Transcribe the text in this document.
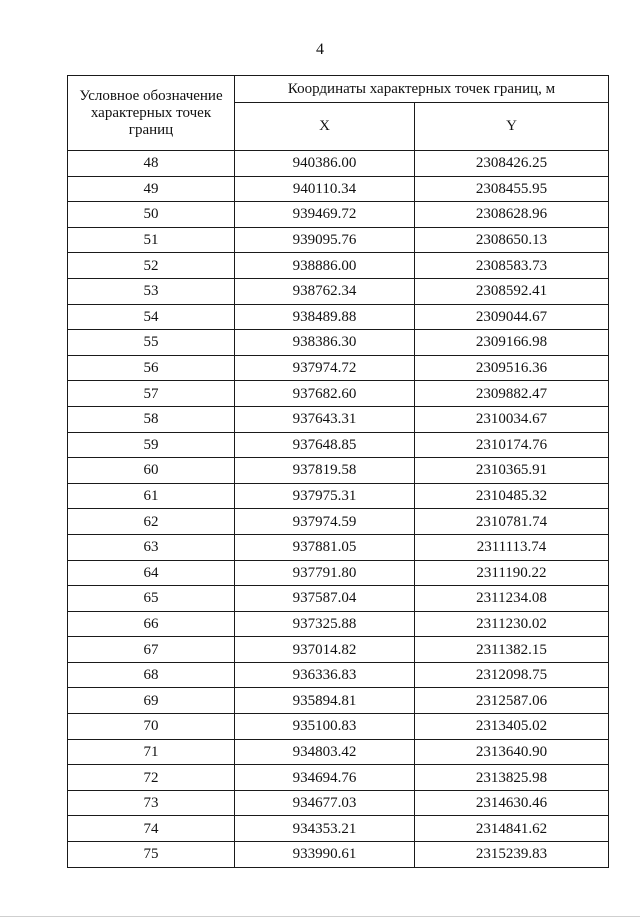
4
Условное обозначение характерных точек границ	Координаты характерных точек границ, м	
	X	Y
48	940386.00	2308426.25
49	940110.34	2308455.95
50	939469.72	2308628.96
51	939095.76	2308650.13
52	938886.00	2308583.73
53	938762.34	2308592.41
54	938489.88	2309044.67
55	938386.30	2309166.98
56	937974.72	2309516.36
57	937682.60	2309882.47
58	937643.31	2310034.67
59	937648.85	2310174.76
60	937819.58	2310365.91
61	937975.31	2310485.32
62	937974.59	2310781.74
63	937881.05	2311113.74
64	937791.80	2311190.22
65	937587.04	2311234.08
66	937325.88	2311230.02
67	937014.82	2311382.15
68	936336.83	2312098.75
69	935894.81	2312587.06
70	935100.83	2313405.02
71	934803.42	2313640.90
72	934694.76	2313825.98
73	934677.03	2314630.46
74	934353.21	2314841.62
75	933990.61	2315239.83
